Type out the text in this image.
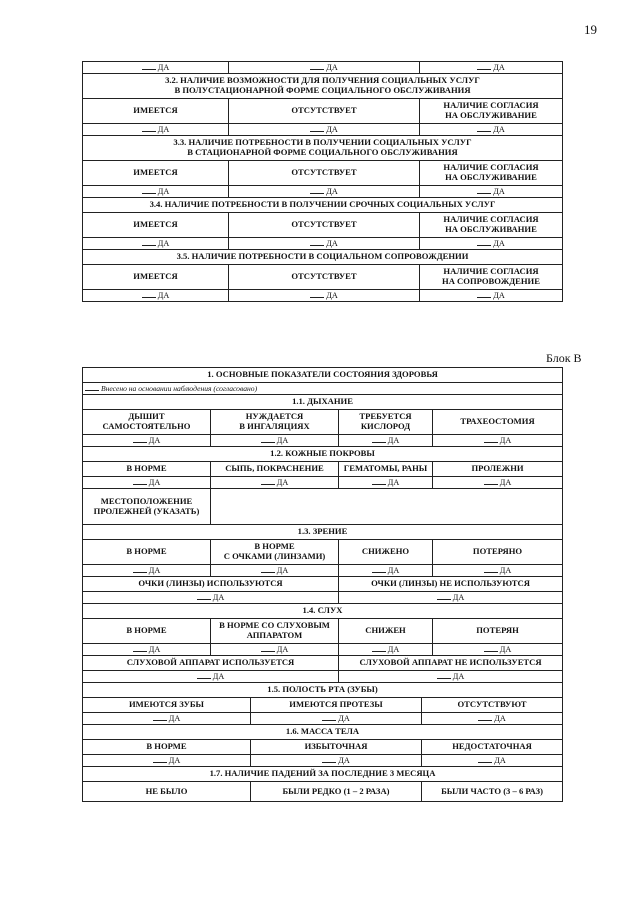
19
ДА	ДА	ДА
3.2. НАЛИЧИЕ ВОЗМОЖНОСТИ ДЛЯ ПОЛУЧЕНИЯ СОЦИАЛЬНЫХ УСЛУГ
В ПОЛУСТАЦИОНАРНОЙ ФОРМЕ СОЦИАЛЬНОГО ОБСЛУЖИВАНИЯ		
ИМЕЕТСЯ	ОТСУТСТВУЕТ	НАЛИЧИЕ СОГЛАСИЯ
НА ОБСЛУЖИВАНИЕ
ДА	ДА	ДА
3.3. НАЛИЧИЕ ПОТРЕБНОСТИ В ПОЛУЧЕНИИ СОЦИАЛЬНЫХ УСЛУГ
В СТАЦИОНАРНОЙ ФОРМЕ СОЦИАЛЬНОГО ОБСЛУЖИВАНИЯ		
ИМЕЕТСЯ	ОТСУТСТВУЕТ	НАЛИЧИЕ СОГЛАСИЯ
НА ОБСЛУЖИВАНИЕ
ДА	ДА	ДА
3.4. НАЛИЧИЕ ПОТРЕБНОСТИ В ПОЛУЧЕНИИ СРОЧНЫХ СОЦИАЛЬНЫХ УСЛУГ		
ИМЕЕТСЯ	ОТСУТСТВУЕТ	НАЛИЧИЕ СОГЛАСИЯ
НА ОБСЛУЖИВАНИЕ
ДА	ДА	ДА
3.5. НАЛИЧИЕ ПОТРЕБНОСТИ В СОЦИАЛЬНОМ СОПРОВОЖДЕНИИ		
ИМЕЕТСЯ	ОТСУТСТВУЕТ	НАЛИЧИЕ СОГЛАСИЯ
НА СОПРОВОЖДЕНИЕ
ДА	ДА	ДА
Блок В
1. ОСНОВНЫЕ ПОКАЗАТЕЛИ СОСТОЯНИЯ ЗДОРОВЬЯ					
Внесено на основании наблюдения (согласовано)					
1.1. ДЫХАНИЕ					
ДЫШИТ
САМОСТОЯТЕЛЬНО	НУЖДАЕТСЯ
В ИНГАЛЯЦИЯХ		ТРЕБУЕТСЯ КИСЛОРОД		ТРАХЕОСТОМИЯ
ДА	ДА		ДА		ДА
1.2. КОЖНЫЕ ПОКРОВЫ					
В НОРМЕ	СЫПЬ, ПОКРАСНЕНИЕ		ГЕМАТОМЫ, РАНЫ		ПРОЛЕЖНИ
ДА	ДА		ДА		ДА
МЕСТОПОЛОЖЕНИЕ
ПРОЛЕЖНЕЙ (УКАЗАТЬ)					
1.3. ЗРЕНИЕ					
В НОРМЕ	В НОРМЕ
С ОЧКАМИ (ЛИНЗАМИ)		СНИЖЕНО		ПОТЕРЯНО
ДА	ДА		ДА		ДА
ОЧКИ (ЛИНЗЫ) ИСПОЛЬЗУЮТСЯ			ОЧКИ (ЛИНЗЫ) НЕ ИСПОЛЬЗУЮТСЯ		
ДА			ДА		
1.4. СЛУХ					
В НОРМЕ	В НОРМЕ СО СЛУХОВЫМ
АППАРАТОМ		СНИЖЕН		ПОТЕРЯН
ДА	ДА		ДА		ДА
СЛУХОВОЙ АППАРАТ ИСПОЛЬЗУЕТСЯ			СЛУХОВОЙ АППАРАТ НЕ ИСПОЛЬЗУЕТСЯ		
ДА			ДА		
1.5. ПОЛОСТЬ РТА (ЗУБЫ)					
ИМЕЮТСЯ ЗУБЫ		ИМЕЮТСЯ ПРОТЕЗЫ		ОТСУТСТВУЮТ	
ДА		ДА		ДА	
1.6. МАССА ТЕЛА					
В НОРМЕ		ИЗБЫТОЧНАЯ		НЕДОСТАТОЧНАЯ	
ДА		ДА		ДА	
1.7. НАЛИЧИЕ ПАДЕНИЙ ЗА ПОСЛЕДНИЕ 3 МЕСЯЦА					
НЕ БЫЛО		БЫЛИ РЕДКО (1 – 2 РАЗА)		БЫЛИ ЧАСТО (3 – 6 РАЗ)	
